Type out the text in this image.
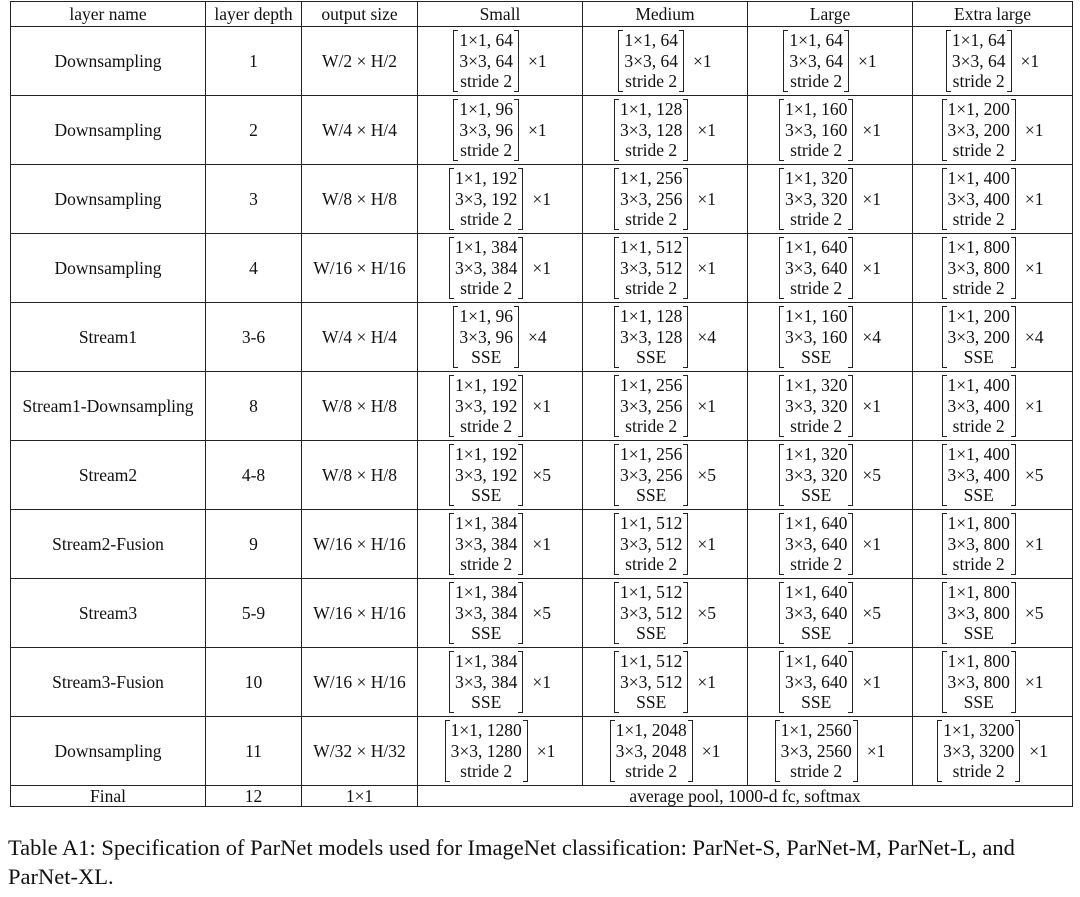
layer name	layer depth	output size	Small	Medium	Large	Extra large
Downsampling	1	W/2 × H/2	1×1, 64
3×3, 64
stride 2
×1	1×1, 64
3×3, 64
stride 2
×1	1×1, 64
3×3, 64
stride 2
×1	1×1, 64
3×3, 64
stride 2
×1

Downsampling	2	W/4 × H/4	1×1, 96
3×3, 96
stride 2
×1	1×1, 128
3×3, 128
stride 2
×1	1×1, 160
3×3, 160
stride 2
×1	1×1, 200
3×3, 200
stride 2
×1

Downsampling	3	W/8 × H/8	1×1, 192
3×3, 192
stride 2
×1	1×1, 256
3×3, 256
stride 2
×1	1×1, 320
3×3, 320
stride 2
×1	1×1, 400
3×3, 400
stride 2
×1

Downsampling	4	W/16 × H/16	1×1, 384
3×3, 384
stride 2
×1	1×1, 512
3×3, 512
stride 2
×1	1×1, 640
3×3, 640
stride 2
×1	1×1, 800
3×3, 800
stride 2
×1

Stream1	3-6	W/4 × H/4	1×1, 96
3×3, 96
SSE
×4	1×1, 128
3×3, 128
SSE
×4	1×1, 160
3×3, 160
SSE
×4	1×1, 200
3×3, 200
SSE
×4

Stream1-Downsampling	8	W/8 × H/8	1×1, 192
3×3, 192
stride 2
×1	1×1, 256
3×3, 256
stride 2
×1	1×1, 320
3×3, 320
stride 2
×1	1×1, 400
3×3, 400
stride 2
×1

Stream2	4-8	W/8 × H/8	1×1, 192
3×3, 192
SSE
×5	1×1, 256
3×3, 256
SSE
×5	1×1, 320
3×3, 320
SSE
×5	1×1, 400
3×3, 400
SSE
×5

Stream2-Fusion	9	W/16 × H/16	1×1, 384
3×3, 384
stride 2
×1	1×1, 512
3×3, 512
stride 2
×1	1×1, 640
3×3, 640
stride 2
×1	1×1, 800
3×3, 800
stride 2
×1

Stream3	5-9	W/16 × H/16	1×1, 384
3×3, 384
SSE
×5	1×1, 512
3×3, 512
SSE
×5	1×1, 640
3×3, 640
SSE
×5	1×1, 800
3×3, 800
SSE
×5

Stream3-Fusion	10	W/16 × H/16	1×1, 384
3×3, 384
SSE
×1	1×1, 512
3×3, 512
SSE
×1	1×1, 640
3×3, 640
SSE
×1	1×1, 800
3×3, 800
SSE
×1

Downsampling	11	W/32 × H/32	1×1, 1280
3×3, 1280
stride 2
×1	1×1, 2048
3×3, 2048
stride 2
×1	1×1, 2560
3×3, 2560
stride 2
×1	1×1, 3200
3×3, 3200
stride 2
×1

Final	12	1×1	average pool, 1000-d fc, softmax			
Table A1: Specification of ParNet models used for ImageNet classification: ParNet-S, ParNet-M, ParNet-L, and ParNet-XL.
